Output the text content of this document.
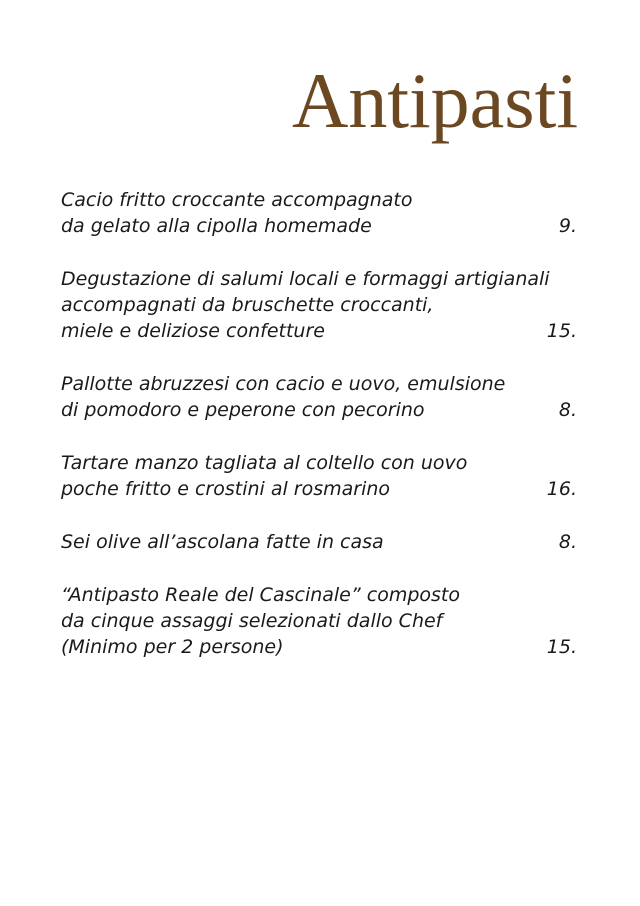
Antipasti
Cacio fritto croccante accompagnato
da gelato alla cipolla homemade	9.
Degustazione di salumi locali e formaggi artigianali
accompagnati da bruschette croccanti,
miele e deliziose confetture	15.
Pallotte abruzzesi con cacio e uovo, emulsione
di pomodoro e peperone con pecorino	8.
Tartare manzo tagliata al coltello con uovo
poche fritto e crostini al rosmarino	16.
Sei olive all’ascolana fatte in casa	8.
“Antipasto Reale del Cascinale” composto
da cinque assaggi selezionati dallo Chef
(Minimo per 2 persone)	15.
